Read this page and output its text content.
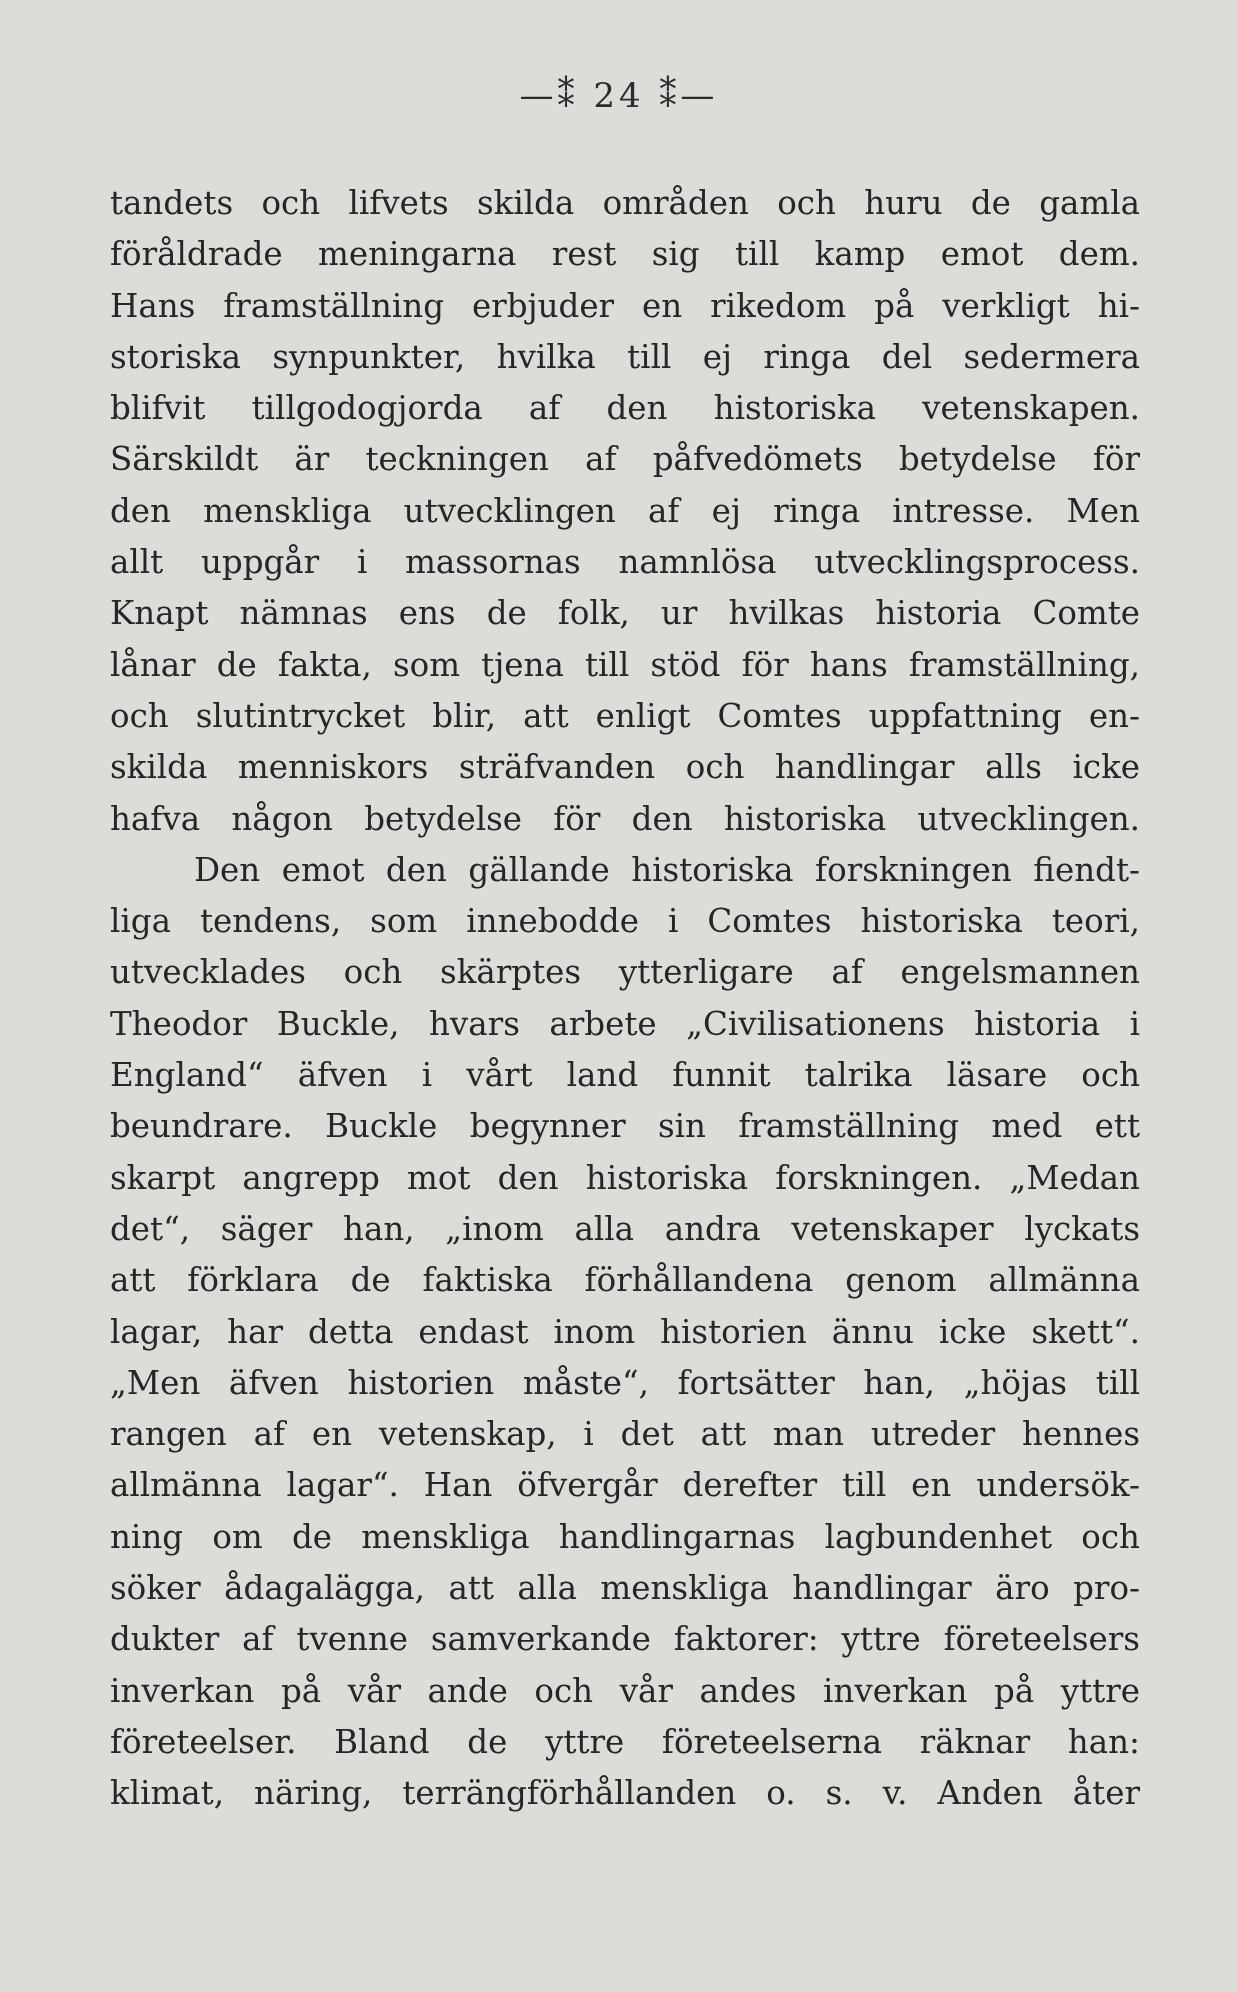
—⁑ 24 ⁑—
tandets och lifvets skilda områden och huru de gamla
föråldrade meningarna rest sig till kamp emot dem.
Hans framställning erbjuder en rikedom på verkligt hi-
storiska synpunkter, hvilka till ej ringa del sedermera
blifvit tillgodogjorda af den historiska vetenskapen.
Särskildt är teckningen af påfvedömets betydelse för
den menskliga utvecklingen af ej ringa intresse. Men
allt uppgår i massornas namnlösa utvecklingsprocess.
Knapt nämnas ens de folk, ur hvilkas historia Comte
lånar de fakta, som tjena till stöd för hans framställning,
och slutintrycket blir, att enligt Comtes uppfattning en-
skilda menniskors sträfvanden och handlingar alls icke
hafva någon betydelse för den historiska utvecklingen.
Den emot den gällande historiska forskningen fiendt-
liga tendens, som innebodde i Comtes historiska teori,
utvecklades och skärptes ytterligare af engelsmannen
Theodor Buckle, hvars arbete „Civilisationens historia i
England“ äfven i vårt land funnit talrika läsare och
beundrare. Buckle begynner sin framställning med ett
skarpt angrepp mot den historiska forskningen. „Medan
det“, säger han, „inom alla andra vetenskaper lyckats
att förklara de faktiska förhållandena genom allmänna
lagar, har detta endast inom historien ännu icke skett“.
„Men äfven historien måste“, fortsätter han, „höjas till
rangen af en vetenskap, i det att man utreder hennes
allmänna lagar“. Han öfvergår derefter till en undersök-
ning om de menskliga handlingarnas lagbundenhet och
söker ådagalägga, att alla menskliga handlingar äro pro-
dukter af tvenne samverkande faktorer: yttre företeelsers
inverkan på vår ande och vår andes inverkan på yttre
företeelser. Bland de yttre företeelserna räknar han:
klimat, näring, terrängförhållanden o. s. v. Anden åter
